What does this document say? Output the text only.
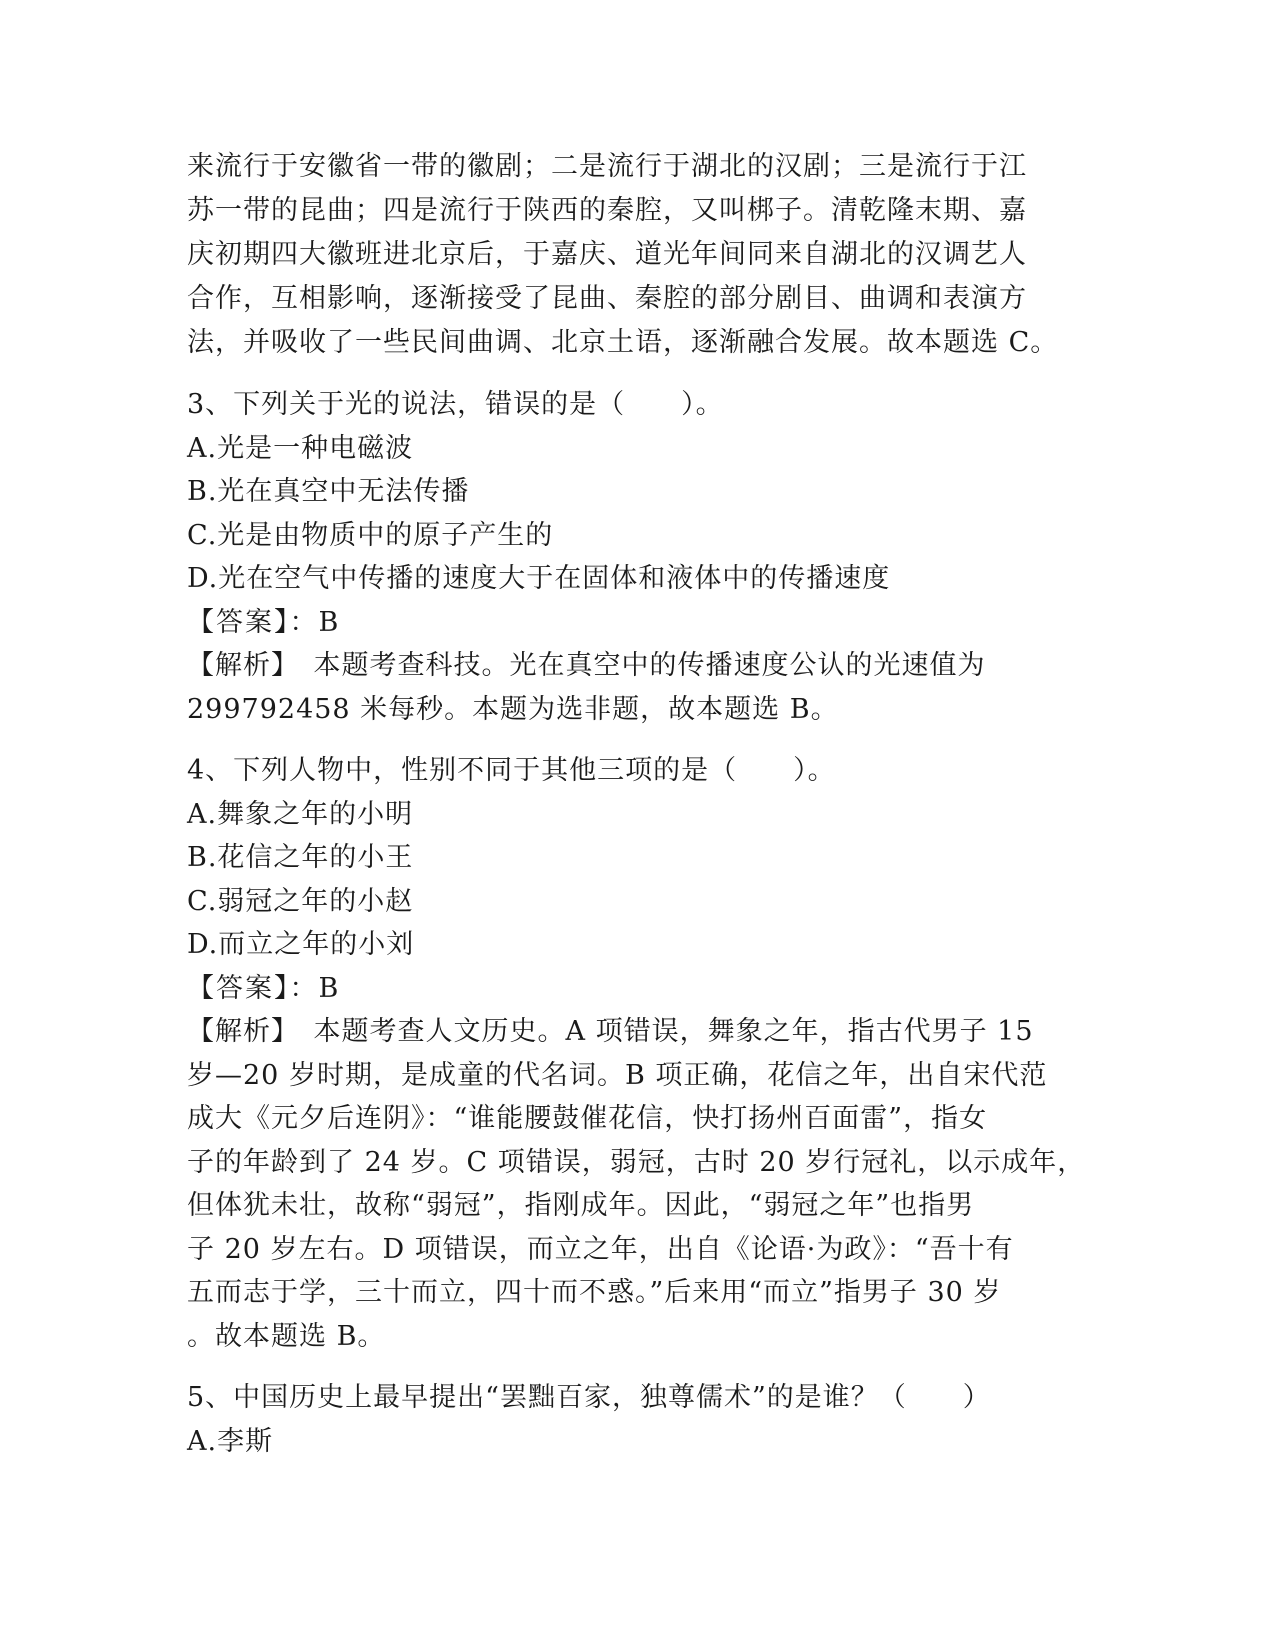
来流行于安徽省一带的徽剧；二是流行于湖北的汉剧；三是流行于江
苏一带的昆曲；四是流行于陕西的秦腔，又叫梆子。清乾隆末期、嘉
庆初期四大徽班进北京后，于嘉庆、道光年间同来自湖北的汉调艺人
合作，互相影响，逐渐接受了昆曲、秦腔的部分剧目、曲调和表演方
法，并吸收了一些民间曲调、北京土语，逐渐融合发展。故本题选 C。
3、下列关于光的说法，错误的是（　　）。
A.光是一种电磁波
B.光在真空中无法传播
C.光是由物质中的原子产生的
D.光在空气中传播的速度大于在固体和液体中的传播速度
【答案】：B
【解析】　本题考查科技。光在真空中的传播速度公认的光速值为
299792458 米每秒。本题为选非题，故本题选 B。
4、下列人物中，性别不同于其他三项的是（　　）。
A.舞象之年的小明
B.花信之年的小王
C.弱冠之年的小赵
D.而立之年的小刘
【答案】：B
【解析】　本题考查人文历史。A 项错误，舞象之年，指古代男子 15
岁—20 岁时期，是成童的代名词。B 项正确，花信之年，出自宋代范
成大《元夕后连阴》：“谁能腰鼓催花信，快打扬州百面雷”，指女
子的年龄到了 24 岁。C 项错误，弱冠，古时 20 岁行冠礼，以示成年，
但体犹未壮，故称“弱冠”，指刚成年。因此，“弱冠之年”也指男
子 20 岁左右。D 项错误，而立之年，出自《论语·为政》：“吾十有
五而志于学，三十而立，四十而不惑。”后来用“而立”指男子 30 岁
。故本题选 B。
5、中国历史上最早提出“罢黜百家，独尊儒术”的是谁？（　　）
A.李斯
